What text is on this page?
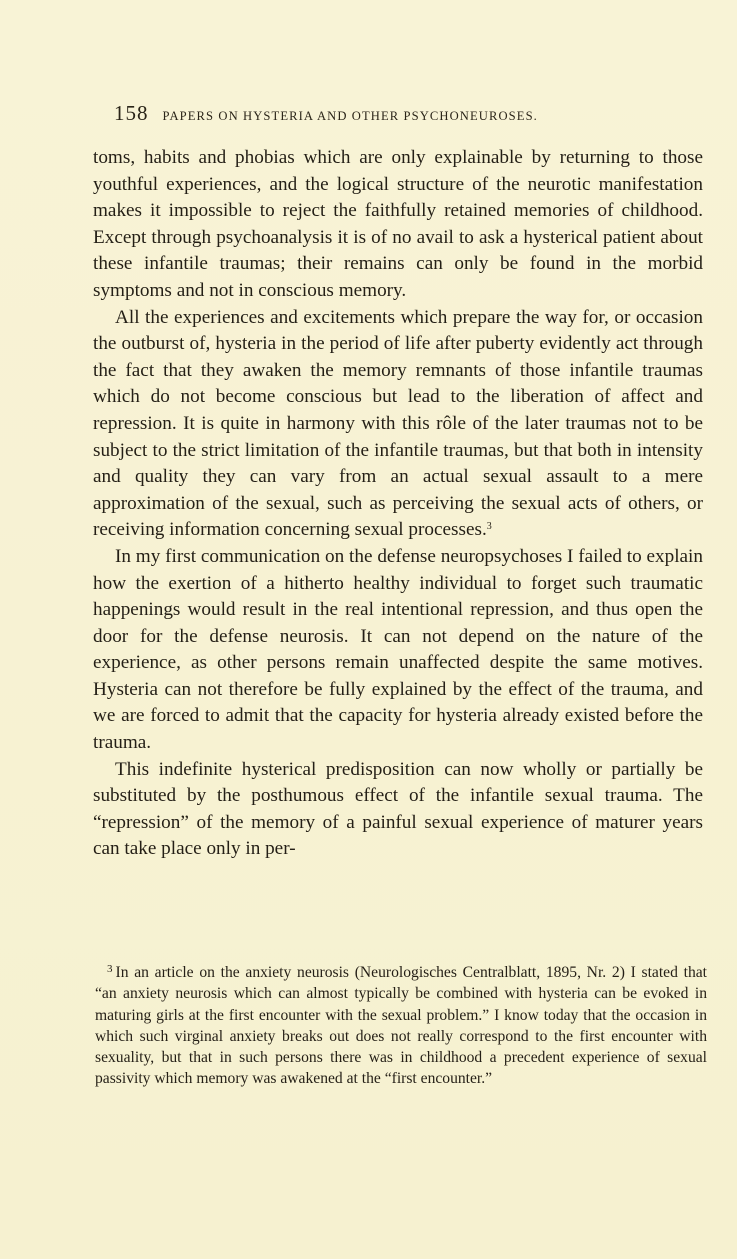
158 PAPERS ON HYSTERIA AND OTHER PSYCHONEUROSES.

toms, habits and phobias which are only explainable by returning to those youthful experiences, and the logical structure of the neurotic manifestation makes it impossible to reject the faithfully retained memories of childhood. Except through psychoanalysis it is of no avail to ask a hysterical patient about these infantile traumas; their remains can only be found in the morbid symptoms and not in conscious memory.

All the experiences and excitements which prepare the way for, or occasion the outburst of, hysteria in the period of life after puberty evidently act through the fact that they awaken the memory remnants of those infantile traumas which do not become conscious but lead to the liberation of affect and repression. It is quite in harmony with this rôle of the later traumas not to be subject to the strict limitation of the infantile traumas, but that both in intensity and quality they can vary from an actual sexual assault to a mere approximation of the sexual, such as perceiving the sexual acts of others, or receiving information concerning sexual processes.$^3$

In my first communication on the defense neuropsychoses I failed to explain how the exertion of a hitherto healthy individual to forget such traumatic happenings would result in the real intentional repression, and thus open the door for the defense neurosis. It can not depend on the nature of the experience, as other persons remain unaffected despite the same motives. Hysteria can not therefore be fully explained by the effect of the trauma, and we are forced to admit that the capacity for hysteria already existed before the trauma.

This indefinite hysterical predisposition can now wholly or partially be substituted by the posthumous effect of the infantile sexual trauma. The “repression” of the memory of a painful sexual experience of maturer years can take place only in per-

$^3$ In an article on the anxiety neurosis (Neurologisches Centralblatt, 1895, Nr. 2) I stated that “an anxiety neurosis which can almost typically be combined with hysteria can be evoked in maturing girls at the first encounter with the sexual problem.” I know today that the occasion in which such virginal anxiety breaks out does not really correspond to the first encounter with sexuality, but that in such persons there was in childhood a precedent experience of sexual passivity which memory was awakened at the “first encounter.”
